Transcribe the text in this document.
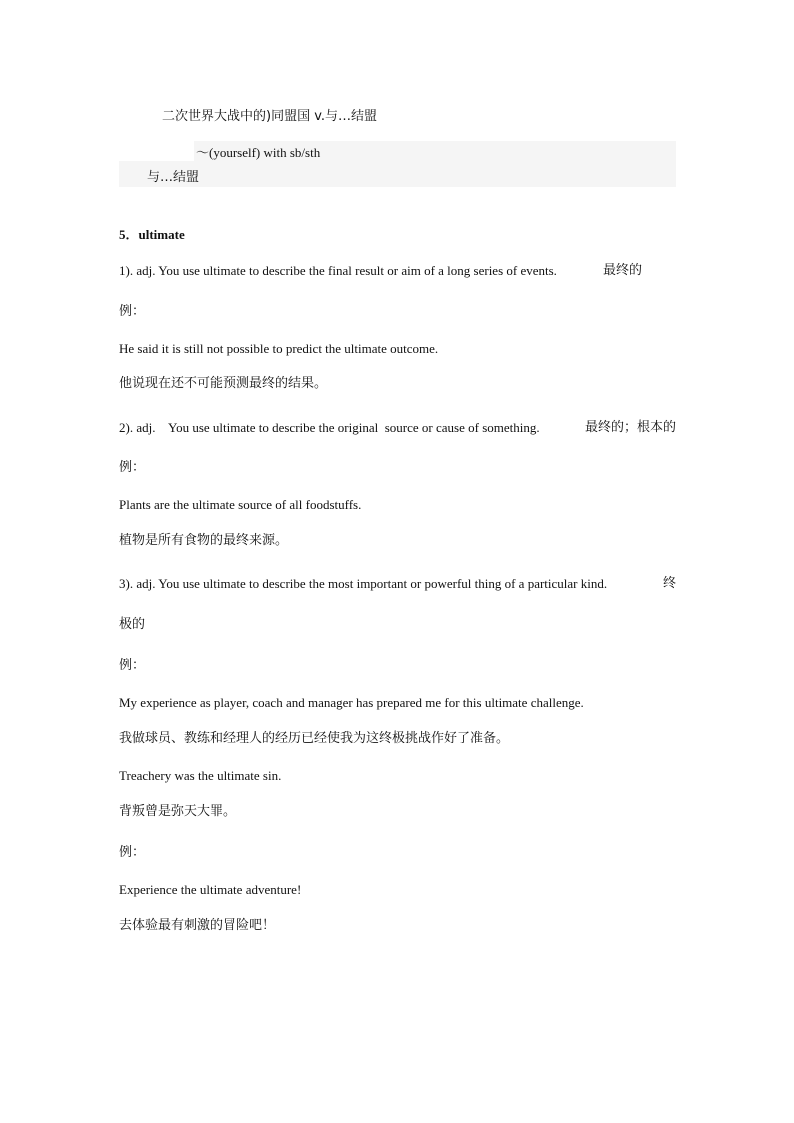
二次世界大战中的)同盟国 v.与…结盟
～(yourself) with sb/sth
与…结盟
5．ultimate
1). adj. You use ultimate to describe the final result or aim of a long series of events.	最终的
例：
He said it is still not possible to predict the ultimate outcome.
他说现在还不可能预测最终的结果。
2). adj.    You use ultimate to describe the original  source or cause of something.	最终的；根本的
例：
Plants are the ultimate source of all foodstuffs.
植物是所有食物的最终来源。
3). adj. You use ultimate to describe the most important or powerful thing of a particular kind.	终
极的
例：
My experience as player, coach and manager has prepared me for this ultimate challenge.
我做球员、教练和经理人的经历已经使我为这终极挑战作好了准备。
Treachery was the ultimate sin.
背叛曾是弥天大罪。
例：
Experience the ultimate adventure!
去体验最有刺激的冒险吧！
